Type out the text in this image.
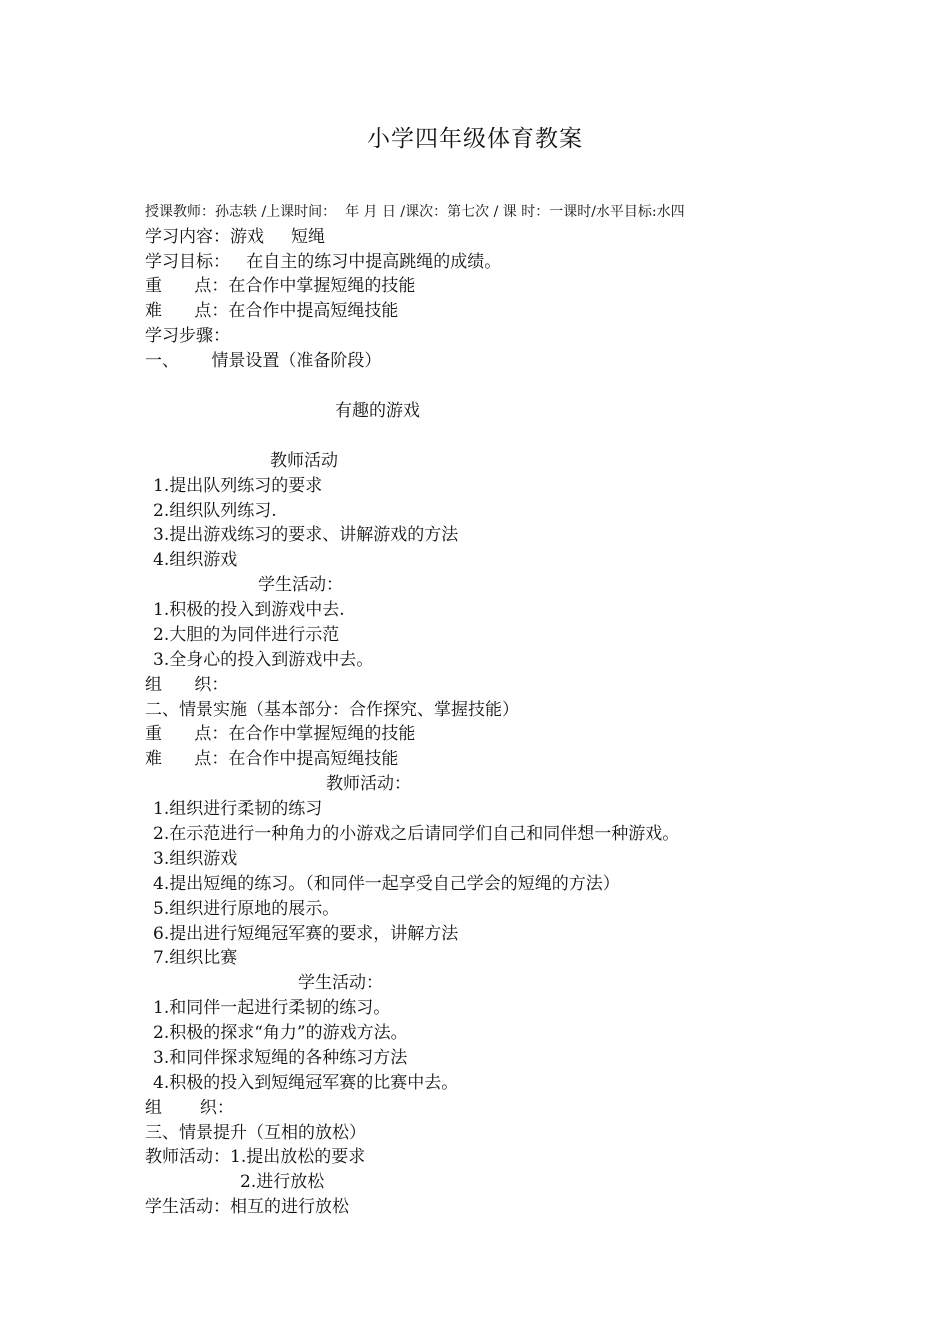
小学四年级体育教案
授课教师：孙志轶 /上课时间：  年 月 日 /课次：第七次 / 课 时：一课时/水平目标:水四
学习内容：游戏     短绳
学习目标：   在自主的练习中提高跳绳的成绩。
重      点：在合作中掌握短绳的技能
难      点：在合作中提高短绳技能
学习步骤：
一、      情景设置（准备阶段）
有趣的游戏
教师活动
1.提出队列练习的要求
2.组织队列练习.
3.提出游戏练习的要求、讲解游戏的方法
4.组织游戏
学生活动：
1.积极的投入到游戏中去.
2.大胆的为同伴进行示范
3.全身心的投入到游戏中去。
组      织：
二、情景实施（基本部分：合作探究、掌握技能）
重      点：在合作中掌握短绳的技能
难      点：在合作中提高短绳技能
教师活动：
1.组织进行柔韧的练习
2.在示范进行一种角力的小游戏之后请同学们自己和同伴想一种游戏。
3.组织游戏
4.提出短绳的练习。（和同伴一起享受自己学会的短绳的方法）
5.组织进行原地的展示。
6.提出进行短绳冠军赛的要求，讲解方法
7.组织比赛
学生活动：
1.和同伴一起进行柔韧的练习。
2.积极的探求“角力”的游戏方法。
3.和同伴探求短绳的各种练习方法
4.积极的投入到短绳冠军赛的比赛中去。
组       织：
三、情景提升（互相的放松）
教师活动：1.提出放松的要求
2.进行放松
学生活动：相互的进行放松
